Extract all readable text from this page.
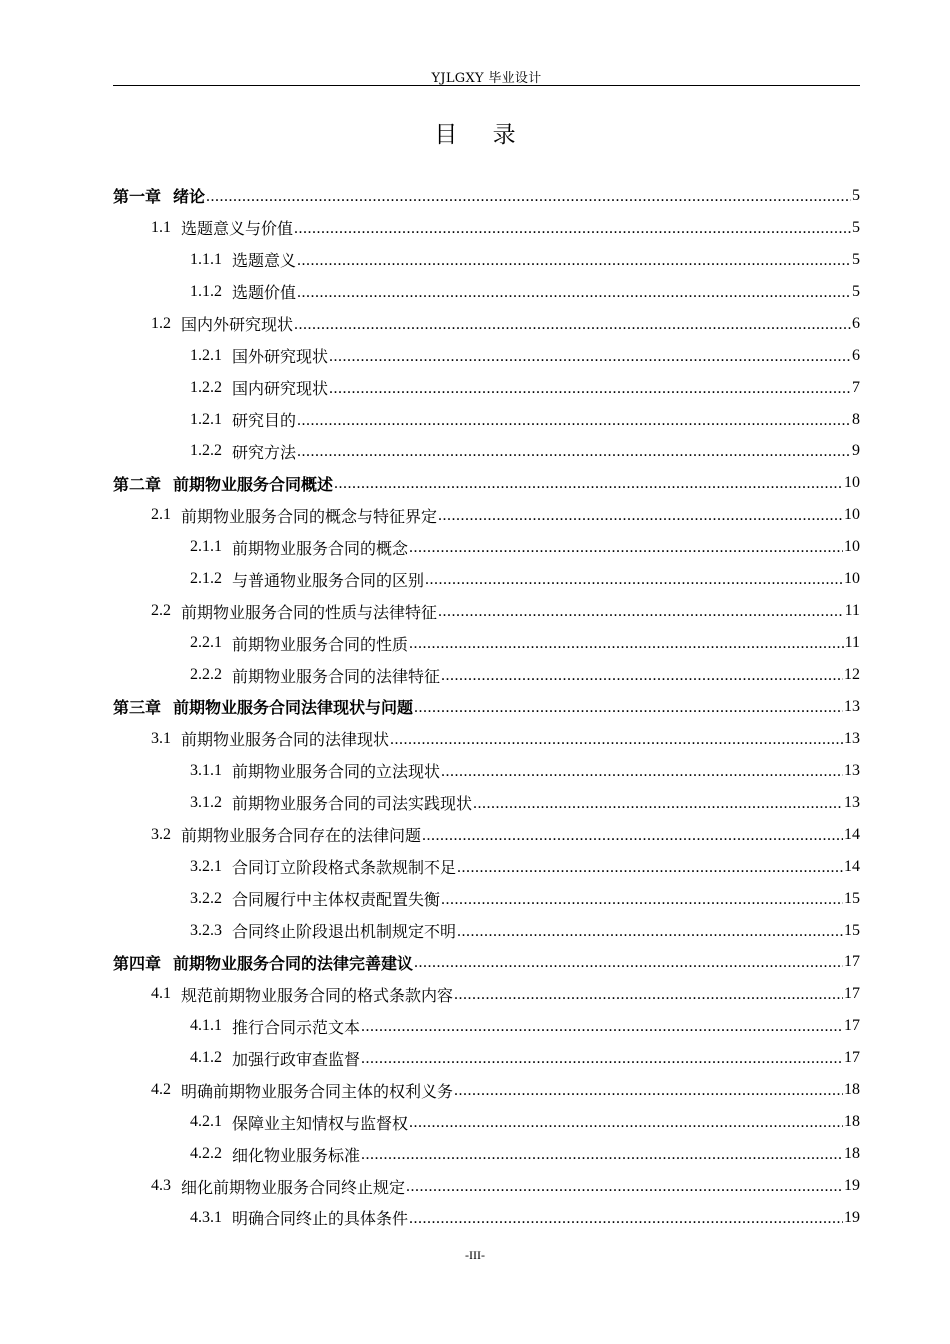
YJLGXY 毕业设计
目 录
第一章 绪论 .....	5
1.1 选题意义与价值 .....	5
1.1.1 选题意义 .....	5
1.1.2 选题价值 .....	5
1.2 国内外研究现状 .....	6
1.2.1 国外研究现状 .....	6
1.2.2 国内研究现状 .....	7
1.2.1 研究目的 .....	8
1.2.2 研究方法 .....	9
第二章 前期物业服务合同概述 .....	10
2.1 前期物业服务合同的概念与特征界定 .....	10
2.1.1 前期物业服务合同的概念 .....	10
2.1.2 与普通物业服务合同的区别 .....	10
2.2 前期物业服务合同的性质与法律特征 .....	11
2.2.1 前期物业服务合同的性质 .....	11
2.2.2 前期物业服务合同的法律特征 .....	12
第三章 前期物业服务合同法律现状与问题 .....	13
3.1 前期物业服务合同的法律现状 .....	13
3.1.1 前期物业服务合同的立法现状 .....	13
3.1.2 前期物业服务合同的司法实践现状 .....	13
3.2 前期物业服务合同存在的法律问题 .....	14
3.2.1 合同订立阶段格式条款规制不足 .....	14
3.2.2 合同履行中主体权责配置失衡 .....	15
3.2.3 合同终止阶段退出机制规定不明 .....	15
第四章 前期物业服务合同的法律完善建议 .....	17
4.1 规范前期物业服务合同的格式条款内容 .....	17
4.1.1 推行合同示范文本 .....	17
4.1.2 加强行政审查监督 .....	17
4.2 明确前期物业服务合同主体的权利义务 .....	18
4.2.1 保障业主知情权与监督权 .....	18
4.2.2 细化物业服务标准 .....	18
4.3 细化前期物业服务合同终止规定 .....	19
4.3.1 明确合同终止的具体条件 .....	19
-III-
